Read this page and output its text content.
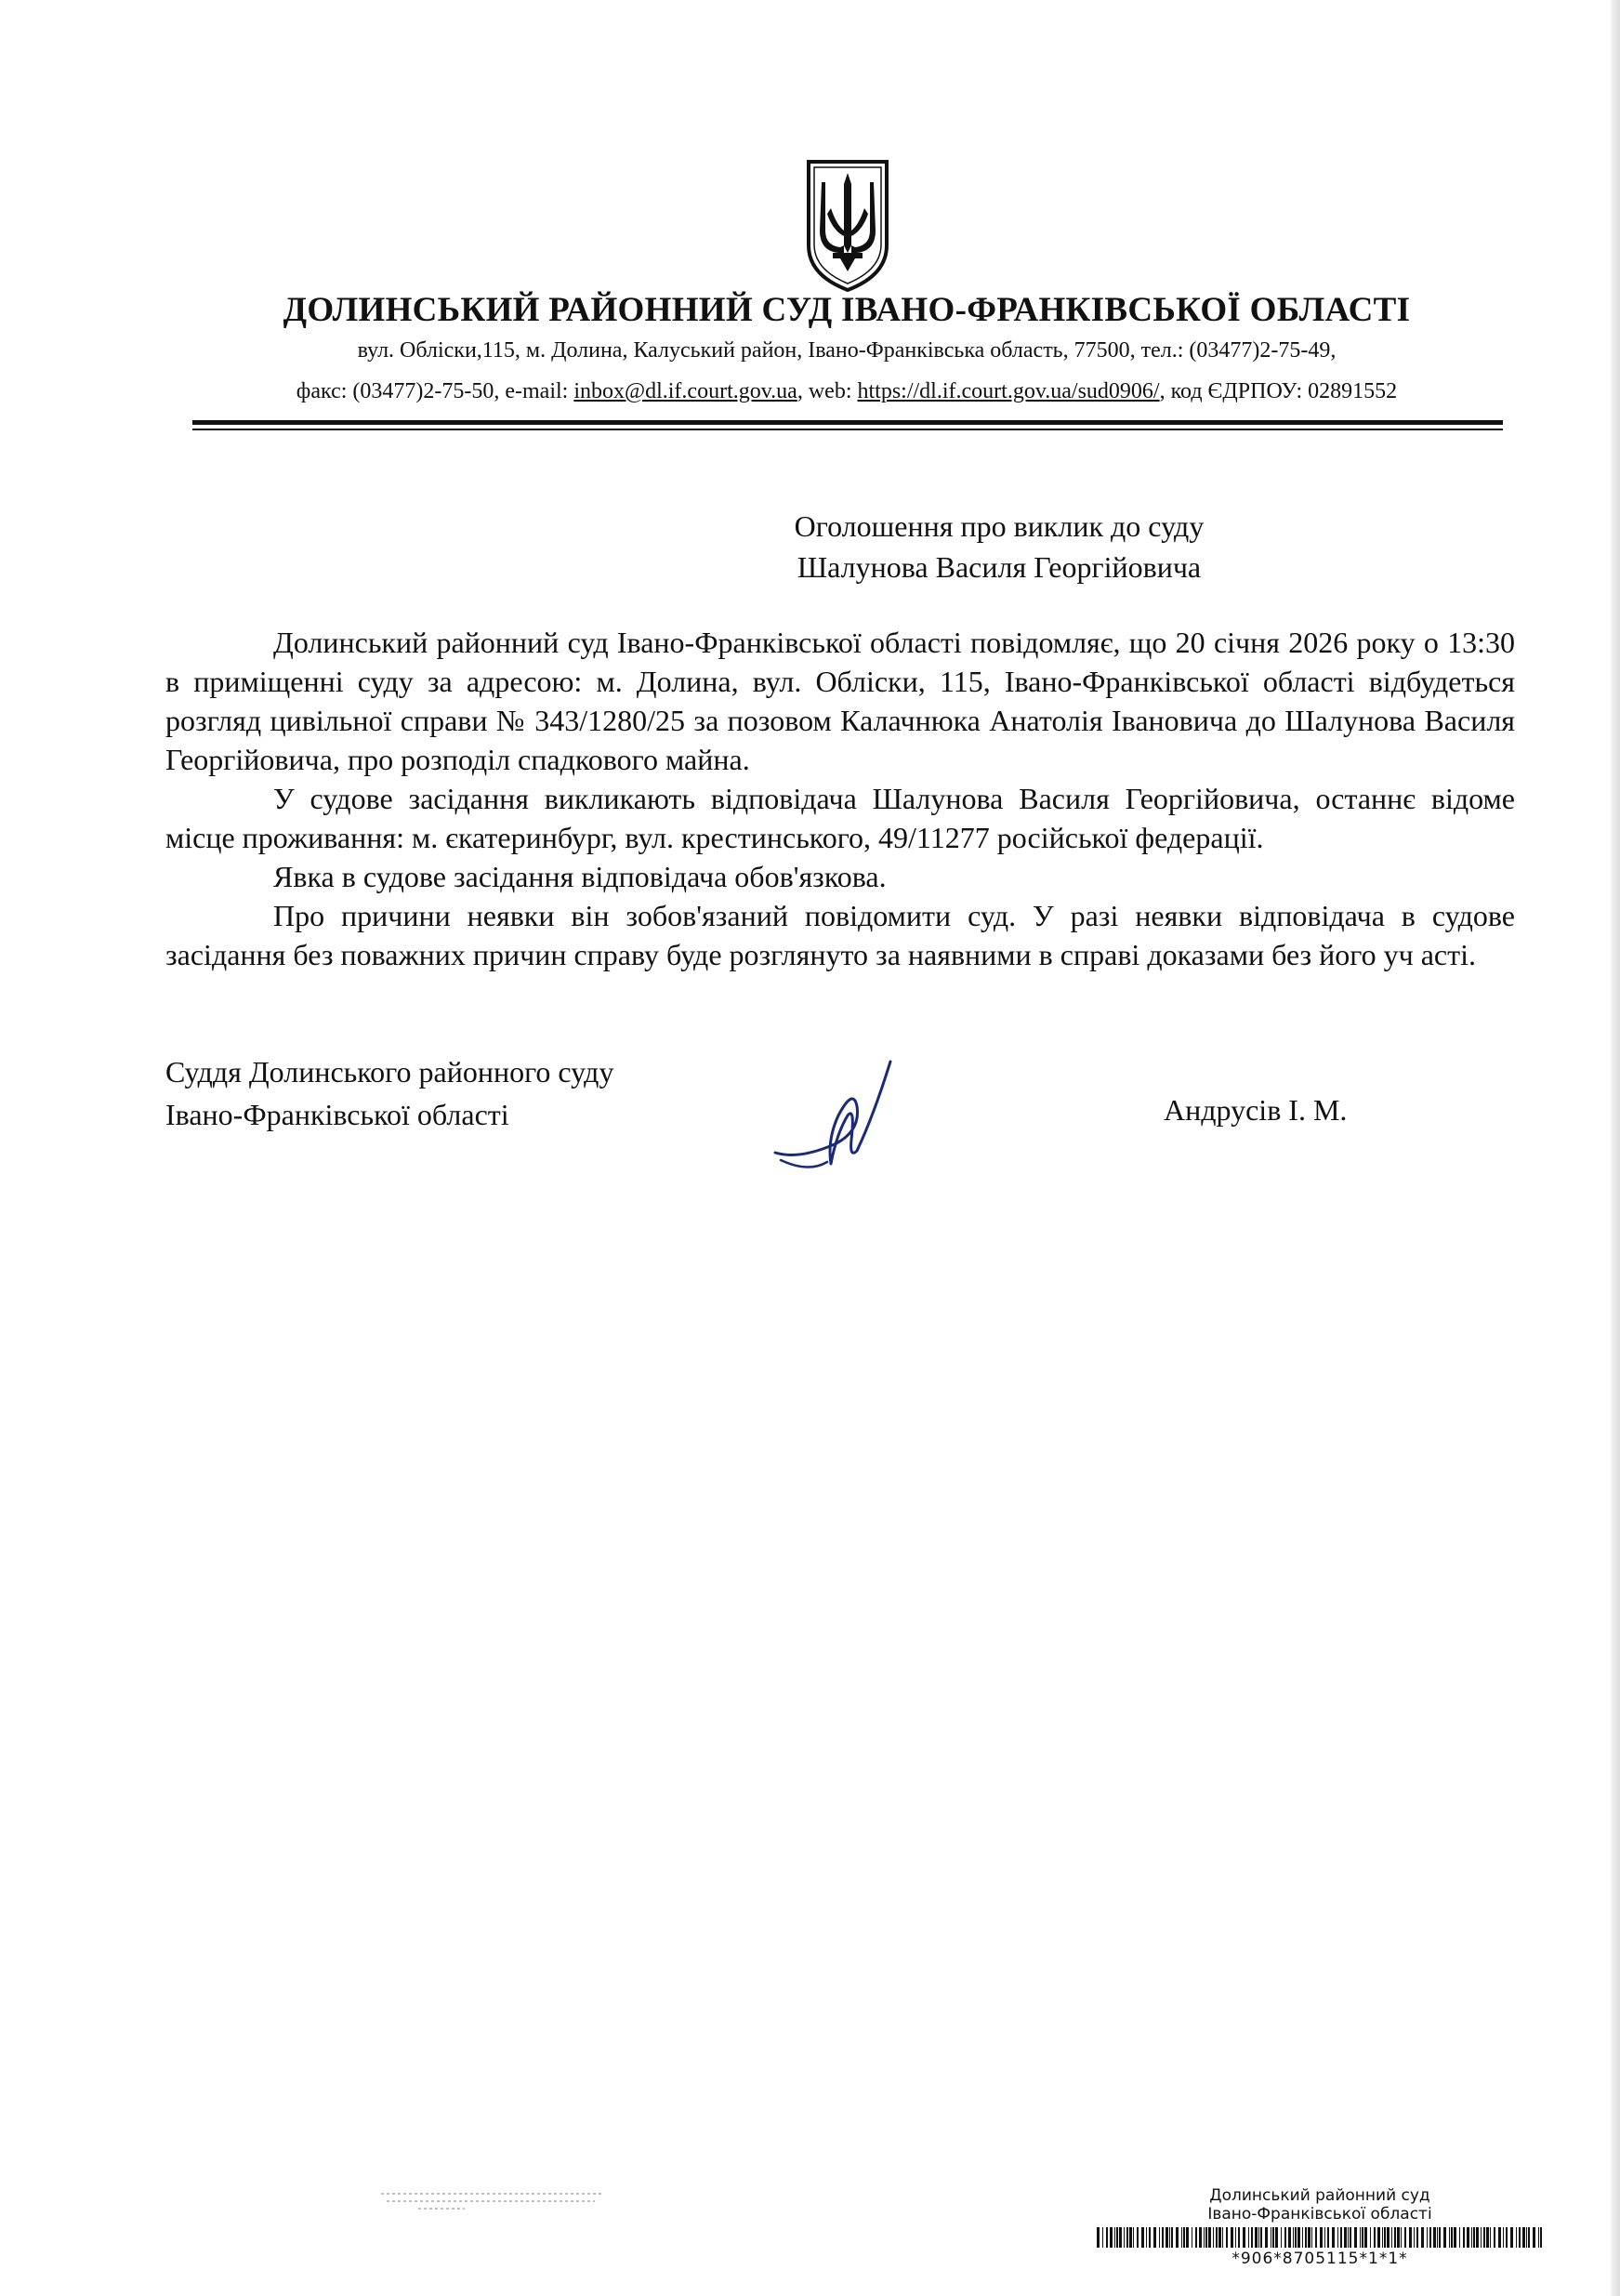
ДОЛИНСЬКИЙ РАЙОННИЙ СУД ІВАНО-ФРАНКІВСЬКОЇ ОБЛАСТІ
вул. Обліски,115, м. Долина, Калуський район, Івано-Франківська область, 77500, тел.: (03477)2-75-49,
факс: (03477)2-75-50, e-mail: inbox@dl.if.court.gov.ua, web: https://dl.if.court.gov.ua/sud0906/, код ЄДРПОУ: 02891552
Оголошення про виклик до суду
Шалунова Василя Георгійовича

Долинський районний суд Івано-Франківської області повідомляє, що 20 січня 2026 року о 13:30 в приміщенні суду за адресою: м. Долина, вул. Обліски, 115, Івано-Франківської області відбудеться розгляд цивільної справи № 343/1280/25 за позовом Калачнюка Анатолія Івановича до Шалунова Василя Георгійовича, про розподіл спадкового майна.

У судове засідання викликають відповідача Шалунова Василя Георгійовича, останнє відоме місце проживання: м. єкатеринбург, вул. крестинського, 49/11277 російської федерації.

Явка в судове засідання відповідача обов'язкова.

Про причини неявки він зобов'язаний повідомити суд. У разі неявки відповідача в судове засідання без поважних причин справу буде розглянуто за наявними в справі доказами без його уч асті.

Суддя Долинського районного суду
Івано-Франківської області	Андрусів І. М.
Долинський районний суд
Івано-Франківської області
*906*8705115*1*1*
